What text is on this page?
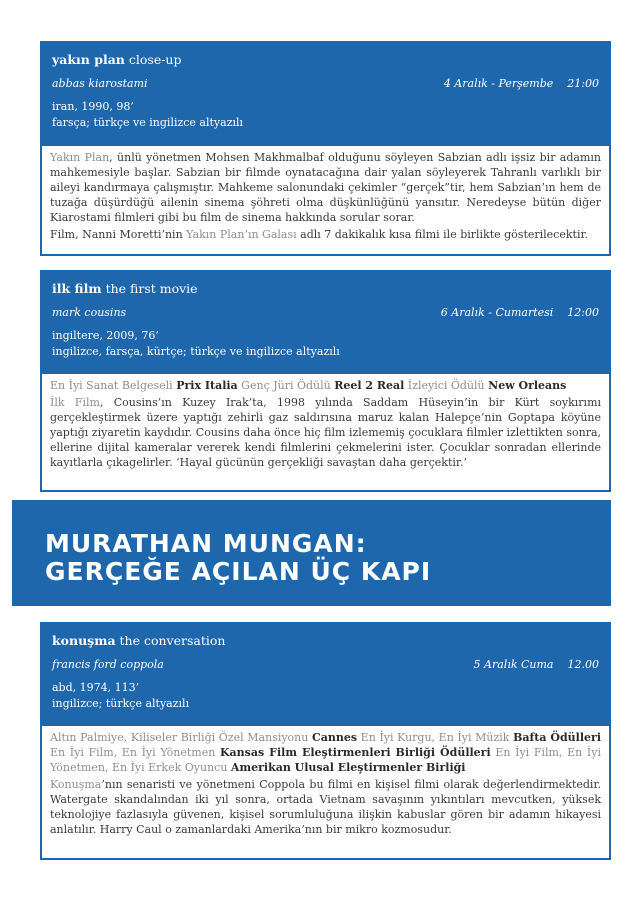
yakın plan close-up
abbas kiarostami	4 Aralık - Perşembe 21:00
iran, 1990, 98’
farsça; türkçe ve ingilizce altyazılı

Yakın Plan, ünlü yönetmen Mohsen Makhmalbaf olduğunu söyleyen Sabzian adlı işsiz bir adamın mahkemesiyle başlar. Sabzian bir filmde oynatacağına dair yalan söyleyerek Tahranlı varlıklı bir aileyi kandırmaya çalışmıştır. Mahkeme salonundaki çekimler “gerçek”tir, hem Sabzian’ın hem de tuzağa düşürdüğü ailenin sinema şöhreti olma düşkünlüğünü yansıtır. Neredeyse bütün diğer Kiarostami filmleri gibi bu film de sinema hakkında sorular sorar.

Film, Nanni Moretti’nin Yakın Plan’ın Galası adlı 7 dakikalık kısa filmi ile birlikte gösterilecektir.

ilk film the first movie
mark cousins	6 Aralık - Cumartesi 12:00
ingiltere, 2009, 76’
ingilizce, farsça, kürtçe; türkçe ve ingilizce altyazılı

En İyi Sanat Belgeseli Prix Italia Genç Jüri Ödülü Reel 2 Real İzleyici Ödülü New Orleans

İlk Film, Cousins’ın Kuzey Irak’ta, 1998 yılında Saddam Hüseyin’in bir Kürt soykırımı gerçekleştirmek üzere yaptığı zehirli gaz saldırısına maruz kalan Halepçe’nin Goptapa köyüne yaptığı ziyaretin kaydıdır. Cousins daha önce hiç film izlememiş çocuklara filmler izlettikten sonra, ellerine dijital kameralar vererek kendi filmlerini çekmelerini ister. Çocuklar sonradan ellerinde kayıtlarla çıkagelirler. ‘Hayal gücünün gerçekliği savaştan daha gerçektir.’

MURATHAN MUNGAN:
GERÇEĞE AÇILAN ÜÇ KAPI
konuşma the conversation
francis ford coppola	5 Aralık Cuma 12.00
abd, 1974, 113’
ingilizce; türkçe altyazılı

Altın Palmiye, Kiliseler Birliği Özel Mansiyonu Cannes En İyi Kurgu, En İyi Müzik Bafta Ödülleri En İyi Film, En İyi Yönetmen Kansas Film Eleştirmenleri Birliği Ödülleri En İyi Film, En İyi Yönetmen, En İyi Erkek Oyuncu Amerikan Ulusal Eleştirmenler Birliği

Konuşma’nın senaristi ve yönetmeni Coppola bu filmi en kişisel filmi olarak değerlendirmektedir. Watergate skandalından iki yıl sonra, ortada Vietnam savaşının yıkıntıları mevcutken, yüksek teknolojiye fazlasıyla güvenen, kişisel sorumluluğuna ilişkin kabuslar gören bir adamın hikayesi anlatılır. Harry Caul o zamanlardaki Amerika’nın bir mikro kozmosudur.
